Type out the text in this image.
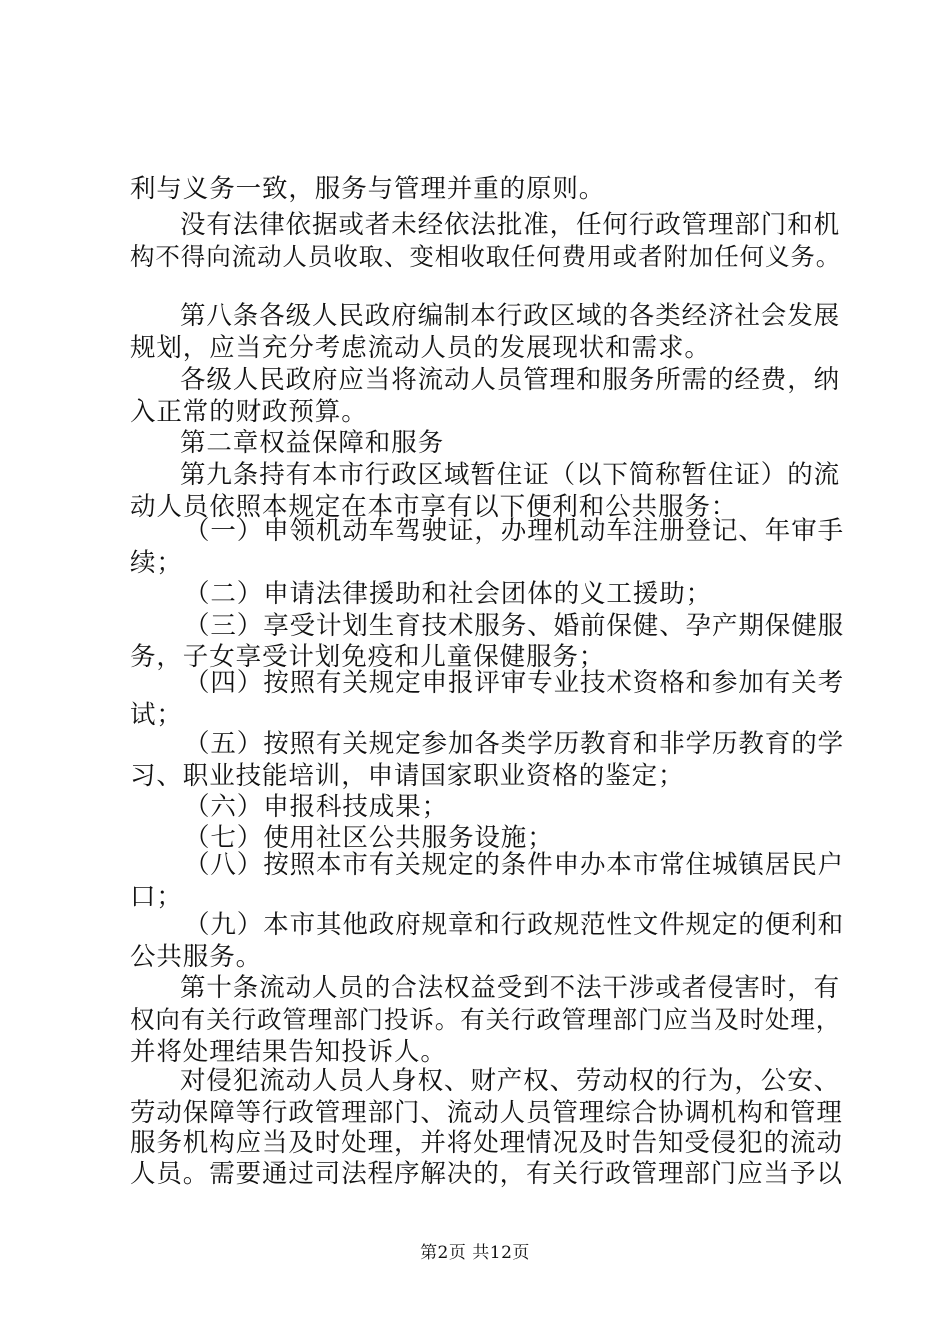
利与义务一致，服务与管理并重的原则。
没有法律依据或者未经依法批准，任何行政管理部门和机
构不得向流动人员收取、变相收取任何费用或者附加任何义务。
第八条各级人民政府编制本行政区域的各类经济社会发展
规划，应当充分考虑流动人员的发展现状和需求。
各级人民政府应当将流动人员管理和服务所需的经费，纳
入正常的财政预算。
第二章权益保障和服务
第九条持有本市行政区域暂住证（以下简称暂住证）的流
动人员依照本规定在本市享有以下便利和公共服务：
（一）申领机动车驾驶证，办理机动车注册登记、年审手
续；
（二）申请法律援助和社会团体的义工援助；
（三）享受计划生育技术服务、婚前保健、孕产期保健服
务，子女享受计划免疫和儿童保健服务；
（四）按照有关规定申报评审专业技术资格和参加有关考
试；
（五）按照有关规定参加各类学历教育和非学历教育的学
习、职业技能培训，申请国家职业资格的鉴定；
（六）申报科技成果；
（七）使用社区公共服务设施；
（八）按照本市有关规定的条件申办本市常住城镇居民户
口；
（九）本市其他政府规章和行政规范性文件规定的便利和
公共服务。
第十条流动人员的合法权益受到不法干涉或者侵害时，有
权向有关行政管理部门投诉。有关行政管理部门应当及时处理，
并将处理结果告知投诉人。
对侵犯流动人员人身权、财产权、劳动权的行为，公安、
劳动保障等行政管理部门、流动人员管理综合协调机构和管理
服务机构应当及时处理，并将处理情况及时告知受侵犯的流动
人员。需要通过司法程序解决的，有关行政管理部门应当予以
第2页 共12页
